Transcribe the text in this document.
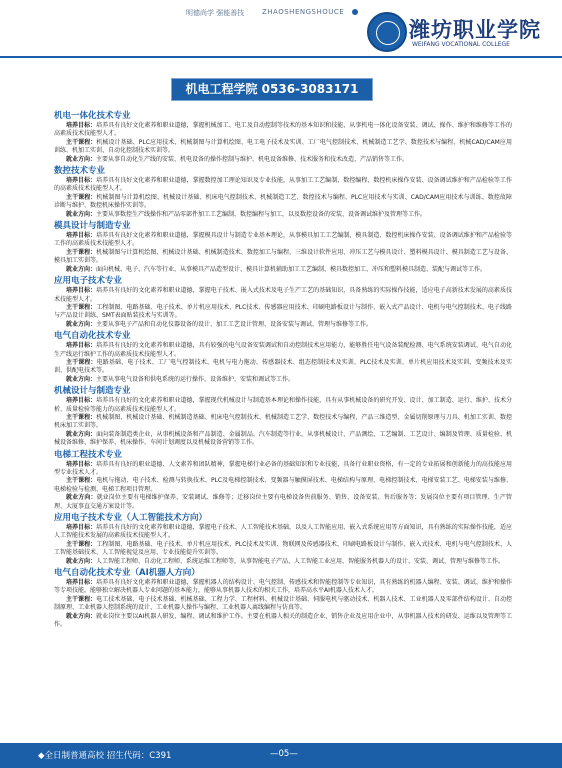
明德尚学 强能善技	ZHAOSHENGSHOUCE
潍坊职业学院
WEIFANG VOCATIONAL COLLEGE
机电工程学院 0536-3083171
机电一体化技术专业

培养目标：培养具有良好文化素养和职业道德，掌握机械加工、电工及自动控制等技术的基本知识和技能，从事机电一体化设备安装、调试、操作、维护和维修等工作的高素质技术技能型人才。

主干课程：机械设计基础、PLC应用技术、机械制图与计算机绘图、电工电子技术及实训、工厂电气控制技术、机械制造工艺学、数控技术与编程、机械CAD/CAM应用训练、机加工实训、自动化控制技术实训等。

就业方向：主要从事自动化生产线的安装、机电设备的操作控制与维护、机电设备维修、技术服务和技术改造、产品销售等工作。

数控技术专业

培养目标：培养具有良好文化素养和职业道德，掌握数控加工理论知识及专业技能，从事加工工艺编制、数控编程、数控机床操作安装、设备调试维护和产品检验等工作的高素质技术技能型人才。

主干课程：机械制图与计算机绘图、机械设计基础、机床电气控制技术、机械制造工艺、数控技术与编程、PLC应用技术与实训、CAD/CAM应用技术与训练、数控故障诊断与维护、数控机床操作实训等。

就业方向：主要从事数控生产线操作和产品零部件加工工艺编制、数控编程与加工，以及数控设备的安装、设备调试维护及管理等工作。

模具设计与制造专业

培养目标：培养具有良好文化素养和职业道德，掌握模具设计与制造专业基本理论，从事模具加工工艺编制、模具制造、数控机床操作安装、设备调试维护和产品检验等工作的高素质技术技能型人才。

主干课程：机械制图与计算机绘图、机械设计基础、机械制造技术、数控加工与编程、三维设计软件应用、冲压工艺与模具设计、塑料模具设计、模具制造工艺与设备、模具加工实训等。

就业方向：面向机械、电子、汽车等行业，从事模具产品造型设计、模具计算机辅助加工工艺编制、模具数控加工、冲压和塑料模具制造、装配与调试等工作。

应用电子技术专业

培养目标：培养具有良好的文化素养和职业道德，掌握电子技术、嵌入式技术及电子生产工艺的基础知识，具备熟练的实际操作技能，适应电子高新技术发展的高素质技术技能型人才。

主干课程：工程制图、电路基础、电子技术、单片机应用技术、PLC技术、传感器应用技术、印刷电路板设计与制作、嵌入式产品设计、电机与电气控制技术、电子线路与产品设计训练、SMT表面贴装技术与实训等。

就业方向：主要从事电子产品和自动化仪器设备的设计、加工工艺设计管理、设备安装与调试、管理与维修等工作。

电气自动化技术专业

培养目标：培养具有良好的文化素养和职业道德，具有较强的电气设备安装调试和自动控制技术应用能力，能够胜任电气设备装配检测、电气系统安装调试、电气自动化生产线运行维护工作的高素质技术技能型人才。

主干课程：电路基础、电子技术、工厂电气控制技术、电机与电力拖动、传感器技术、组态控制技术及实训、PLC技术及实训、单片机应用技术及实训、变频技术及实训、供配电技术等。

就业方向：主要从事电气设备和供电系统的运行操作、设备维护、安装和调试等工作。

机械设计与制造专业

培养目标：培养具有良好的文化素养和职业道德，掌握现代机械设计与制造基本理论和操作技能，具有从事机械设备的研究开发、设计、加工制造、运行、维护、技术分析、质量检验等能力的高素质技术技能型人才。

主干课程：机械制图、机械设计基础、机械制造基础、机床电气控制技术、机械制造工艺学、数控技术与编程、产品三维造型、金属切削原理与刀具、机加工实训、数控机床加工实训等。

就业方向：面向装备制造类企业，从事机械设备和产品制造、金属制品、汽车制造等行业，从事机械设计、产品测绘、工艺编制、工艺设计、编制及管理、质量检验、机械设备维修、维护保养、机床操作、车间计划调度以及机械设备营销等工作。

电梯工程技术专业

培养目标：培养具有良好的职业道德、人文素养和团队精神，掌握电梯行业必备的基础知识和专业技能，具备行业职业资格，有一定的专业拓展和创新能力的高技能应用型专业技术人才。

主干课程：电机与拖动、电子技术、检测与转换技术、PLC及电梯控制技术、变频器与触摸屏技术、电梯结构与原理、电梯控制技术、电梯安装工艺、电梯安装与维修、电梯检验与检测、电梯工程项目管理。

就业方向：就业岗位主要有电梯维护保养、安装调试、维修等；迁移岗位主要有电梯设备售前服务、销售、设备安装、售后服务等；发展岗位主要有项目管理、生产管理、大厦事直交通方案设计等。

应用电子技术专业（人工智能技术方向）

培养目标：培养具有良好的文化素养和职业道德，掌握电子技术、人工智能技术基础，以及人工智能应用、嵌入式系统应用等方面知识，具有熟练的实际操作技能，适应人工智能技术发展的高素质技术技能型人才。

主干课程：工程制图、电路基础、电子技术、单片机应用技术、PLC技术及实训、物联网及传感器技术、印刷电路板设计与制作、嵌入式技术、电机与电气控制技术、人工智能基础技术、人工智能视觉及应用、专业技能提升实训等。

就业方向：人工智能工程师、自动化工程师、系统运维工程师等，从事智能电子产品、人工智能工业应用、智能服务机器人的设计、安装、调试、管理与维修等工作。

电气自动化技术专业（AI机器人方向）

培养目标：培养具有良好文化素养和职业道德，掌握机器人的结构设计、电气控制、传感技术和智能控制等专业知识，具有熟练的机器人编程、安装、调试、维护和操作等专项技能，能够独立解决机器人专业问题的基本能力，能够从事机器人技术的相关工作，培养高水平AI机器人技术人才。

主干课程：电工技术基础、电子技术基础、机械基础、工程力学、工程材料、机械设计基础、伺服电机与驱动技术、机器人技术、工业机器人及零部件结构设计、自动控制原理、工业机器人控制系统的设计、工业机器人操作与编程、工业机器人离线编程与仿真等。

就业方向：就业岗位主要以AI机器人研发、编程、调试和维护工作。主要在机器人相关的制造企业、销售企业及应用企业中，从事机器人技术的研发、运维以及管理等工作。

◆全日制普通高校 招生代码：C391	—05—
